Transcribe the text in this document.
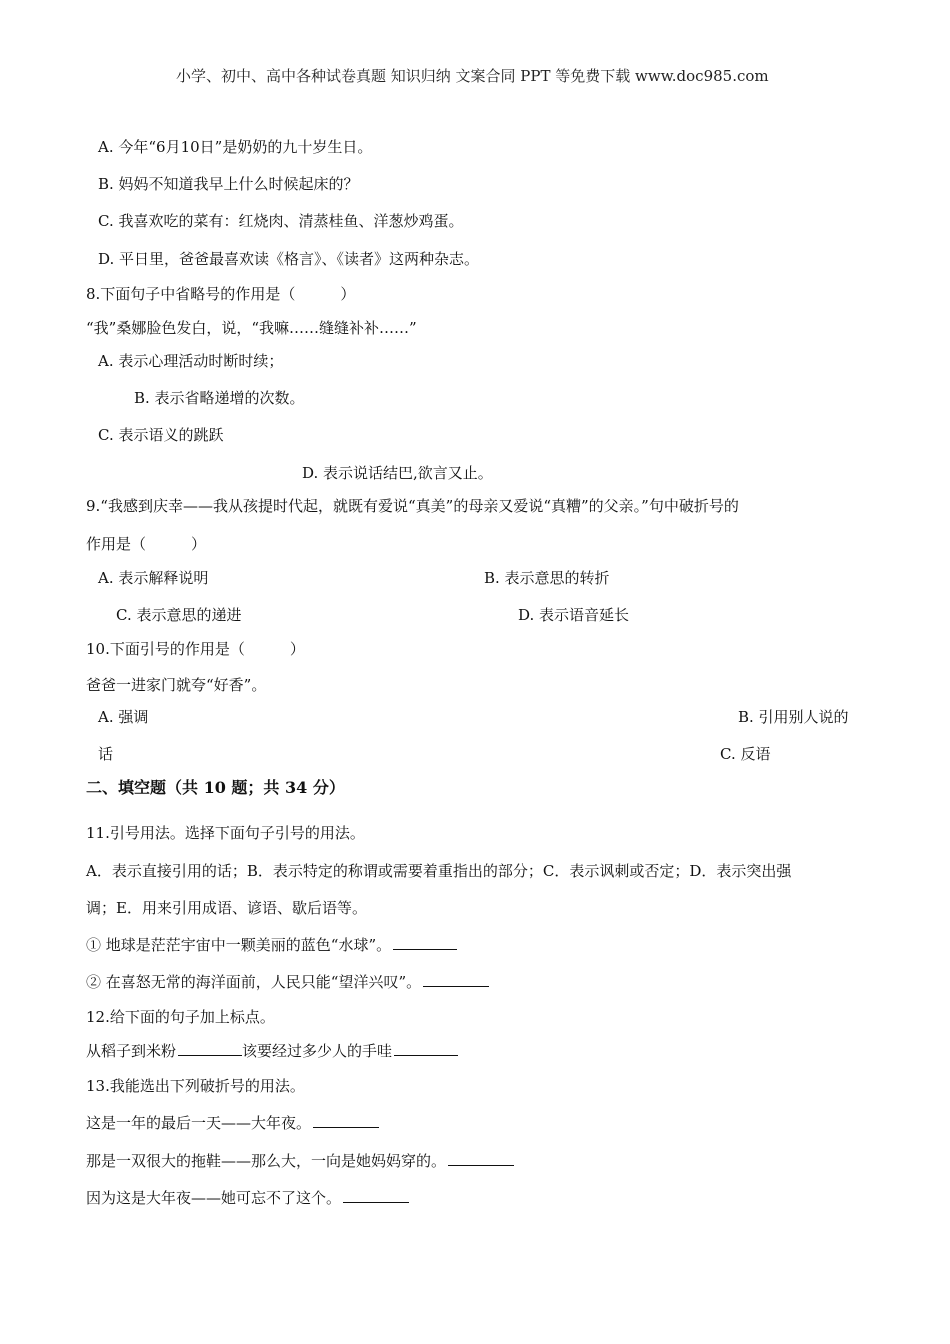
小学、初中、高中各种试卷真题 知识归纳 文案合同 PPT 等免费下载 www.doc985.com
A. 今年“6月10日”是奶奶的九十岁生日。
B. 妈妈不知道我早上什么时候起床的？
C. 我喜欢吃的菜有：红烧肉、清蒸桂鱼、洋葱炒鸡蛋。
D. 平日里，爸爸最喜欢读《格言》、《读者》这两种杂志。
8.下面句子中省略号的作用是（　　　）
“我”桑娜脸色发白，说，“我嘛……缝缝补补……”
A. 表示心理活动时断时续；
B. 表示省略递增的次数。
C. 表示语义的跳跃
D. 表示说话结巴,欲言又止。
9.“我感到庆幸——我从孩提时代起，就既有爱说“真美”的母亲又爱说“真糟”的父亲。”句中破折号的
作用是（　　　）
A. 表示解释说明	B. 表示意思的转折
C. 表示意思的递进	D. 表示语音延长
10.下面引号的作用是（　　　）
爸爸一进家门就夸“好香”。
A. 强调	B. 引用别人说的
话	C. 反语
二、填空题（共 10 题；共 34 分）
11.引号用法。选择下面句子引号的用法。
A．表示直接引用的话；B．表示特定的称谓或需要着重指出的部分；C．表示讽刺或否定；D．表示突出强
调；E．用来引用成语、谚语、歇后语等。
① 地球是茫茫宇宙中一颗美丽的蓝色“水球”。
② 在喜怒无常的海洋面前，人民只能“望洋兴叹”。
12.给下面的句子加上标点。
从稻子到米粉	该要经过多少人的手哇
13.我能选出下列破折号的用法。
这是一年的最后一天——大年夜。
那是一双很大的拖鞋——那么大，一向是她妈妈穿的。
因为这是大年夜——她可忘不了这个。
